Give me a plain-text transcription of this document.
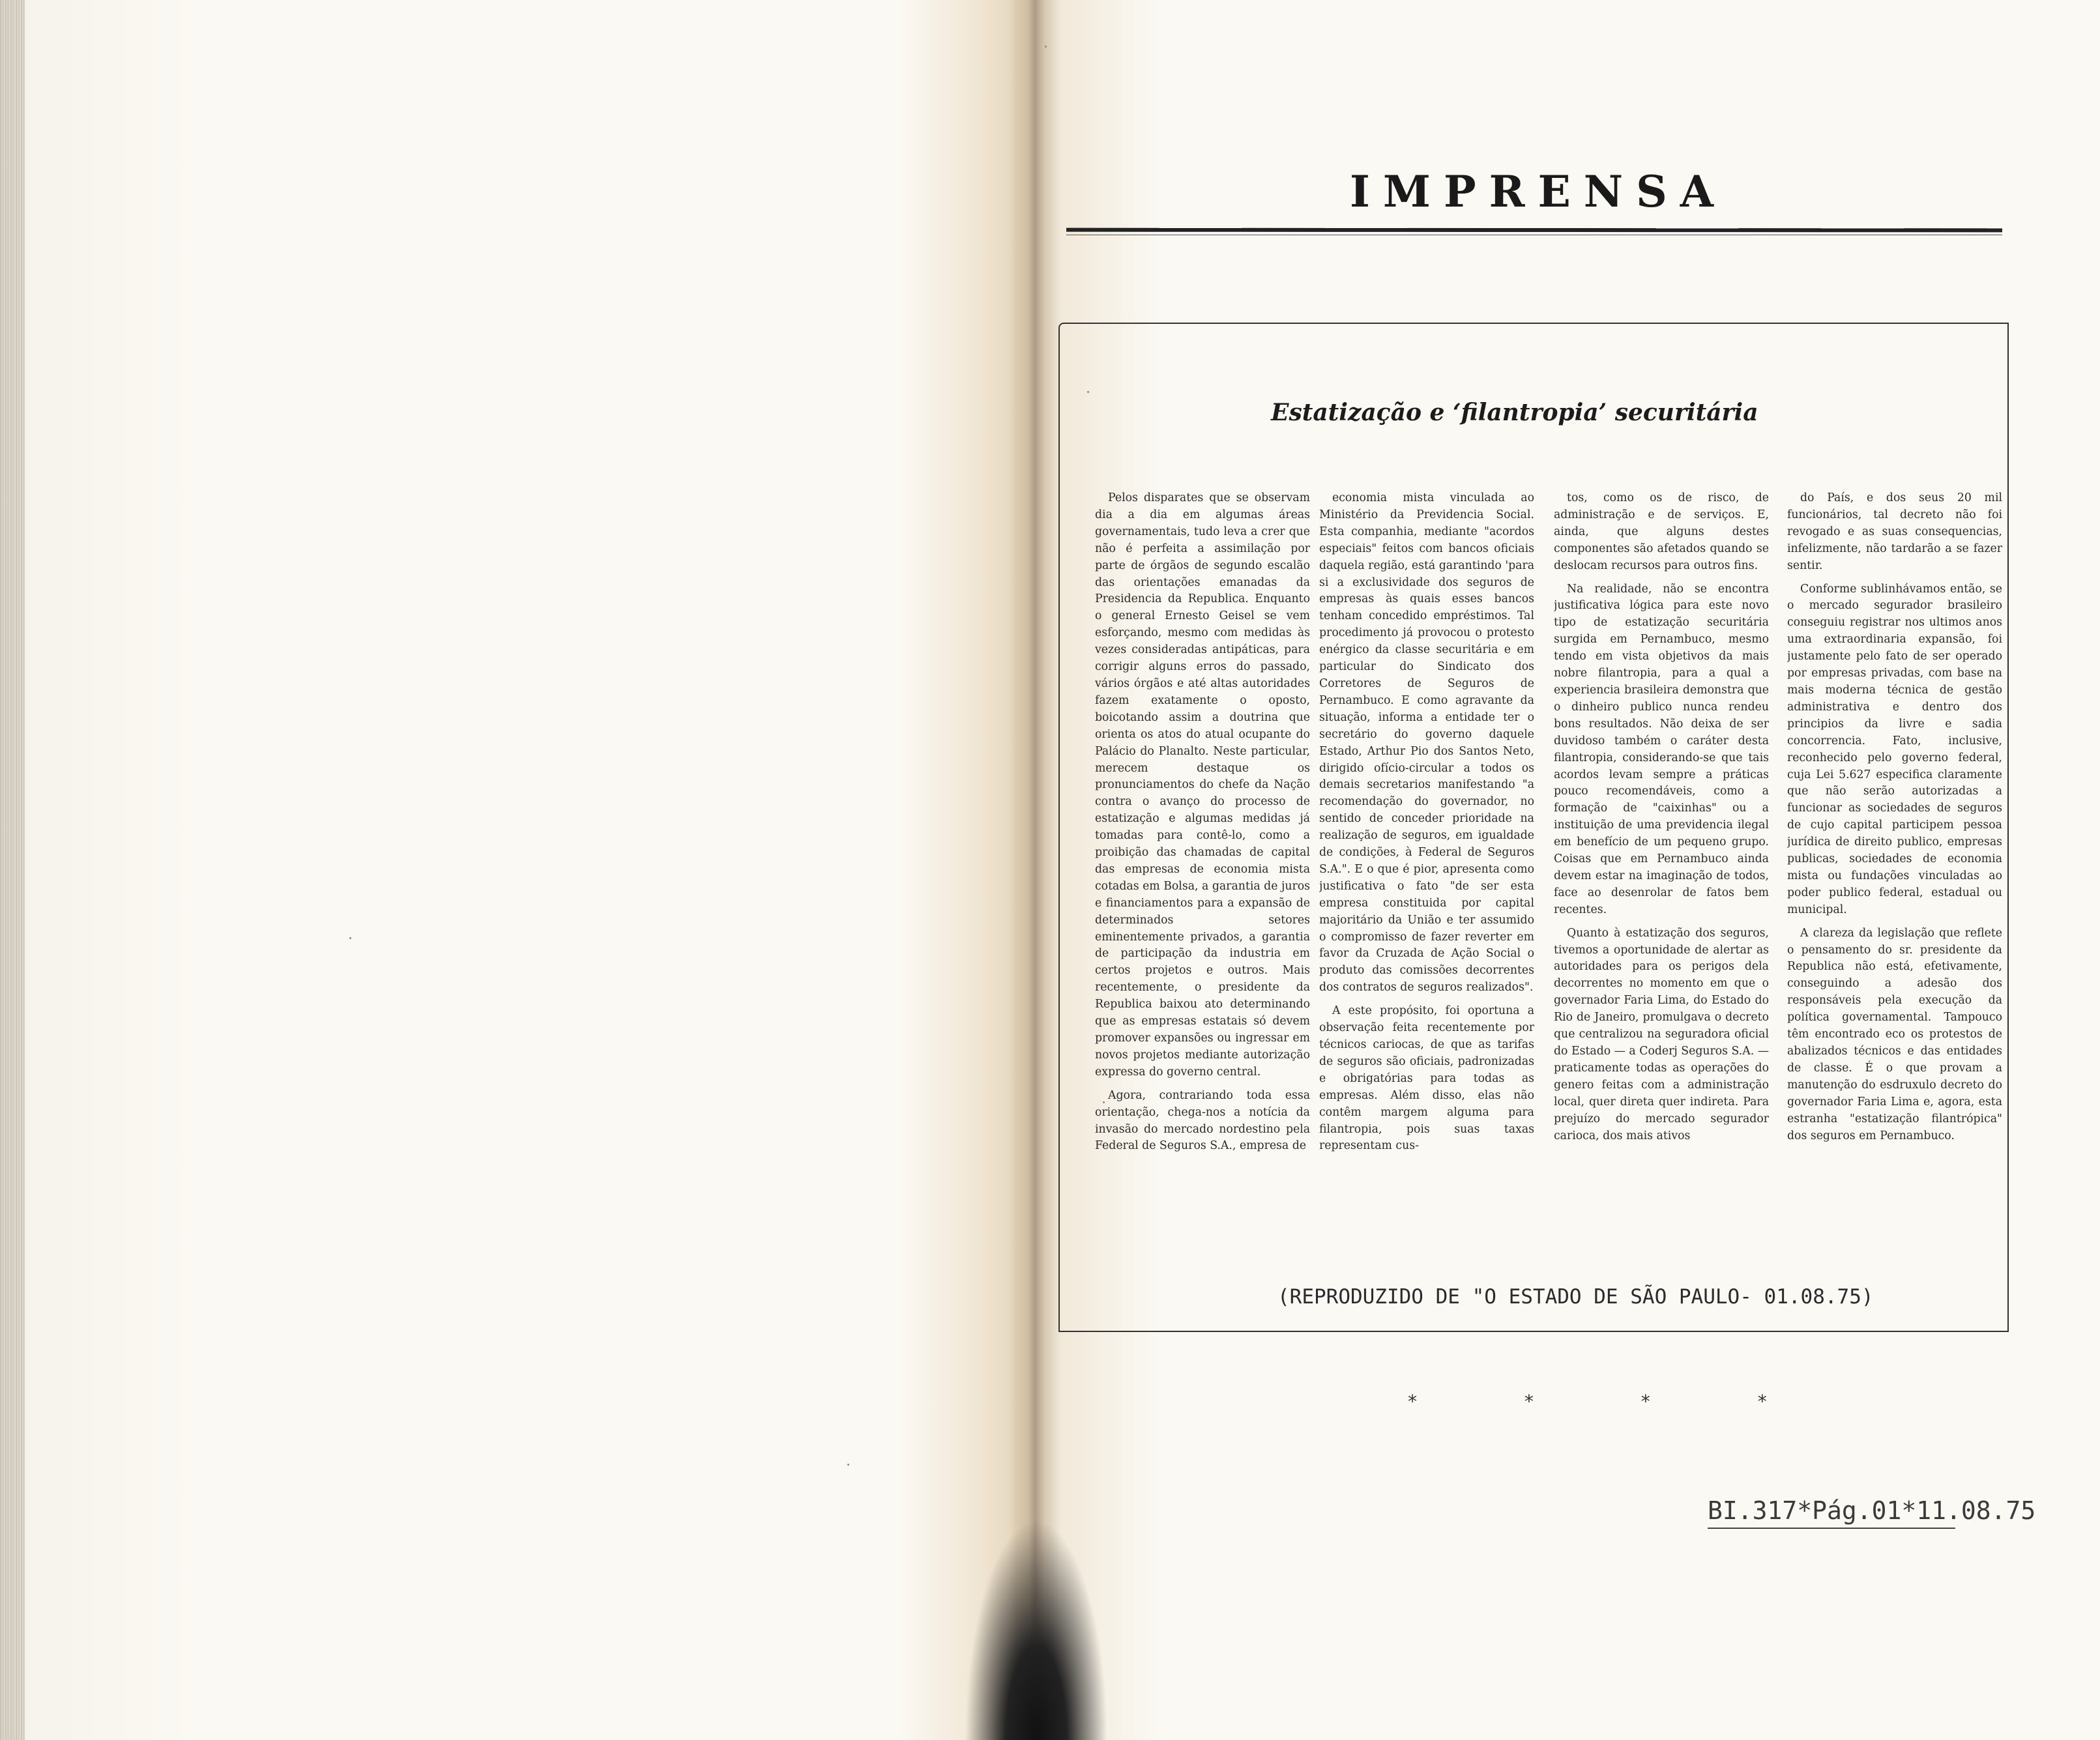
IMPRENSA
Estatização e ‘filantropia’ securitária

Pelos disparates que se observam dia a dia em algumas áreas governamentais, tudo leva a crer que não é perfeita a assimilação por parte de órgãos de segundo escalão das orientações emanadas da Presidencia da Republica. Enquanto o general Ernesto Geisel se vem esforçando, mesmo com medidas às vezes consideradas antipáticas, para corrigir alguns erros do passado, vários órgãos e até altas autoridades fazem exatamente o oposto, boicotando assim a doutrina que orienta os atos do atual ocupante do Palácio do Planalto. Neste particular, merecem destaque os pronunciamentos do chefe da Nação contra o avanço do processo de estatização e algumas medidas já tomadas para contê-lo, como a proibição das chamadas de capital das empresas de economia mista cotadas em Bolsa, a garantia de juros e financiamentos para a expansão de determinados setores eminentemente privados, a garantia de participação da industria em certos projetos e outros. Mais recentemente, o presidente da Republica baixou ato determinando que as empresas estatais só devem promover expansões ou ingressar em novos projetos mediante autorização expressa do governo central.

Agora, contrariando toda essa orientação, chega-nos a notícia da invasão do mercado nordestino pela Federal de Seguros S.A., empresa de

economia mista vinculada ao Ministério da Previdencia Social. Esta companhia, mediante "acordos especiais" feitos com bancos oficiais daquela região, está garantindo 'para si a exclusividade dos seguros de empresas às quais esses bancos tenham concedido empréstimos. Tal procedimento já provocou o protesto enérgico da classe securitária e em particular do Sindicato dos Corretores de Seguros de Pernambuco. E como agravante da situação, informa a entidade ter o secretário do governo daquele Estado, Arthur Pio dos Santos Neto, dirigido ofício-circular a todos os demais secretarios manifestando "a recomendação do governador, no sentido de conceder prioridade na realização de seguros, em igualdade de condições, à Federal de Seguros S.A.". E o que é pior, apresenta como justificativa o fato "de ser esta empresa constituida por capital majoritário da União e ter assumido o compromisso de fazer reverter em favor da Cruzada de Ação Social o produto das comissões decorrentes dos contratos de seguros realizados".

A este propósito, foi oportuna a observação feita recentemente por técnicos cariocas, de que as tarifas de seguros são oficiais, padronizadas e obrigatórias para todas as empresas. Além disso, elas não contêm margem alguma para filantropia, pois suas taxas representam cus-

tos, como os de risco, de administração e de serviços. E, ainda, que alguns destes componentes são afetados quando se deslocam recursos para outros fins.

Na realidade, não se encontra justificativa lógica para este novo tipo de estatização securitária surgida em Pernambuco, mesmo tendo em vista objetivos da mais nobre filantropia, para a qual a experiencia brasileira demonstra que o dinheiro publico nunca rendeu bons resultados. Não deixa de ser duvidoso também o caráter desta filantropia, considerando-se que tais acordos levam sempre a práticas pouco recomendáveis, como a formação de "caixinhas" ou a instituição de uma previdencia ilegal em benefício de um pequeno grupo. Coisas que em Pernambuco ainda devem estar na imaginação de todos, face ao desenrolar de fatos bem recentes.

Quanto à estatização dos seguros, tivemos a oportunidade de alertar as autoridades para os perigos dela decorrentes no momento em que o governador Faria Lima, do Estado do Rio de Janeiro, promulgava o decreto que centralizou na seguradora oficial do Estado — a Coderj Seguros S.A. — praticamente todas as operações do genero feitas com a administração local, quer direta quer indireta. Para prejuízo do mercado segurador carioca, dos mais ativos

do País, e dos seus 20 mil funcionários, tal decreto não foi revogado e as suas consequencias, infelizmente, não tardarão a se fazer sentir.

Conforme sublinhávamos então, se o mercado segurador brasileiro conseguiu registrar nos ultimos anos uma extraordinaria expansão, foi justamente pelo fato de ser operado por empresas privadas, com base na mais moderna técnica de gestão administrativa e dentro dos principios da livre e sadia concorrencia. Fato, inclusive, reconhecido pelo governo federal, cuja Lei 5.627 especifica claramente que não serão autorizadas a funcionar as sociedades de seguros de cujo capital participem pessoa jurídica de direito publico, empresas publicas, sociedades de economia mista ou fundações vinculadas ao poder publico federal, estadual ou municipal.

A clareza da legislação que reflete o pensamento do sr. presidente da Republica não está, efetivamente, conseguindo a adesão dos responsáveis pela execução da política governamental. Tampouco têm encontrado eco os protestos de abalizados técnicos e das entidades de classe. É o que provam a manutenção do esdruxulo decreto do governador Faria Lima e, agora, esta estranha "estatização filantrópica" dos seguros em Pernambuco.

(REPRODUZIDO DE "O ESTADO DE SÃO PAULO- 01.08.75)
* * * *
BI.317*Pág.01*11.08.75
